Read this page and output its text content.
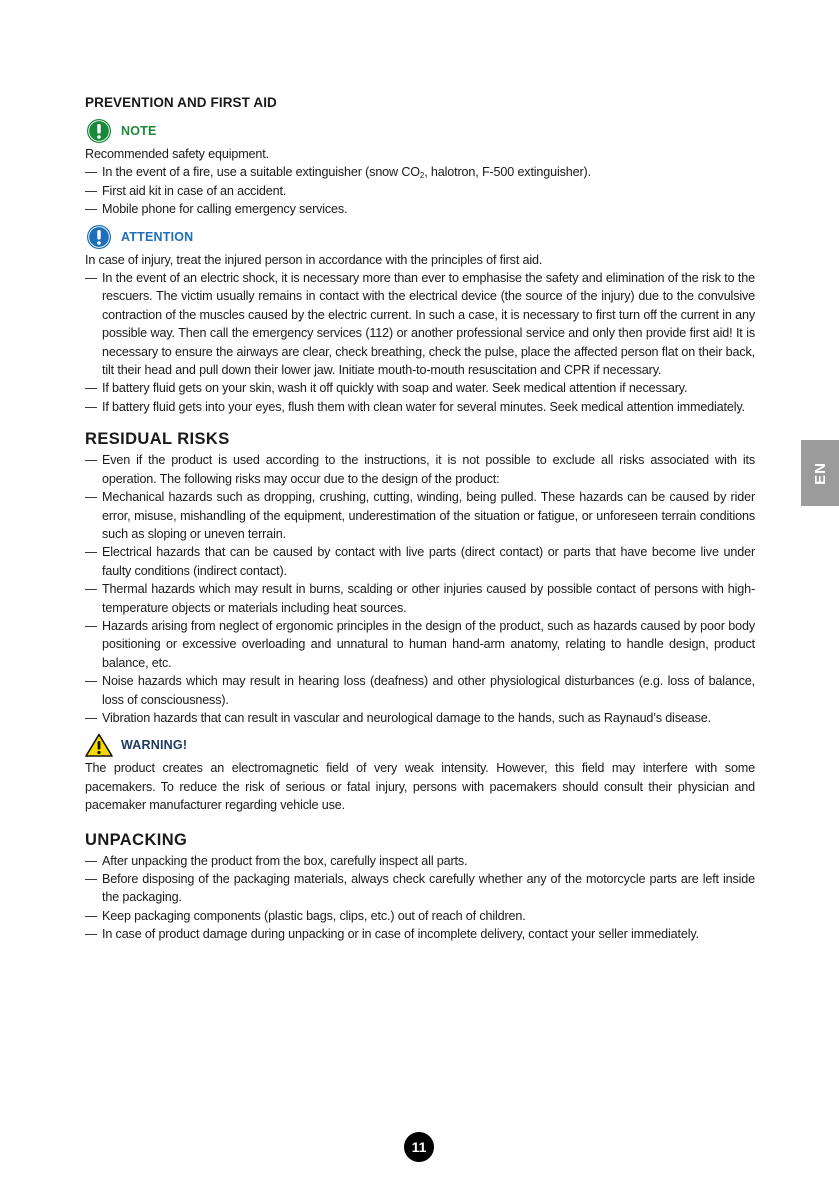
PREVENTION AND FIRST AID
NOTE

Recommended safety equipment.

— In the event of a fire, use a suitable extinguisher (snow $CO_2$, halotron, F-500 extinguisher).
— First aid kit in case of an accident.
— Mobile phone for calling emergency services.
ATTENTION

In case of injury, treat the injured person in accordance with the principles of first aid.

— In the event of an electric shock, it is necessary more than ever to emphasise the safety and elimination of the risk to the rescuers. The victim usually remains in contact with the electrical device (the source of the injury) due to the convulsive contraction of the muscles caused by the electric current. In such a case, it is necessary to first turn off the current in any possible way. Then call the emergency services (112) or another professional service and only then provide first aid! It is necessary to ensure the airways are clear, check breathing, check the pulse, place the affected person flat on their back, tilt their head and pull down their lower jaw. Initiate mouth-to-mouth resuscitation and CPR if necessary.
— If battery fluid gets on your skin, wash it off quickly with soap and water. Seek medical attention if necessary.
— If battery fluid gets into your eyes, flush them with clean water for several minutes. Seek medical attention immediately.
RESIDUAL RISKS
— Even if the product is used according to the instructions, it is not possible to exclude all risks associated with its operation. The following risks may occur due to the design of the product:
— Mechanical hazards such as dropping, crushing, cutting, winding, being pulled. These hazards can be caused by rider error, misuse, mishandling of the equipment, underestimation of the situation or fatigue, or unforeseen terrain conditions such as sloping or uneven terrain.
— Electrical hazards that can be caused by contact with live parts (direct contact) or parts that have become live under faulty conditions (indirect contact).
— Thermal hazards which may result in burns, scalding or other injuries caused by possible contact of persons with high-temperature objects or materials including heat sources.
— Hazards arising from neglect of ergonomic principles in the design of the product, such as hazards caused by poor body positioning or excessive overloading and unnatural to human hand-arm anatomy, relating to handle design, product balance, etc.
— Noise hazards which may result in hearing loss (deafness) and other physiological disturbances (e.g. loss of balance, loss of consciousness).
— Vibration hazards that can result in vascular and neurological damage to the hands, such as Raynaud’s disease.
WARNING!

The product creates an electromagnetic field of very weak intensity. However, this field may interfere with some pacemakers. To reduce the risk of serious or fatal injury, persons with pacemakers should consult their physician and pacemaker manufacturer regarding vehicle use.

UNPACKING
— After unpacking the product from the box, carefully inspect all parts.
— Before disposing of the packaging materials, always check carefully whether any of the motorcycle parts are left inside the packaging.
— Keep packaging components (plastic bags, clips, etc.) out of reach of children.
— In case of product damage during unpacking or in case of incomplete delivery, contact your seller immediately.
EN
11
